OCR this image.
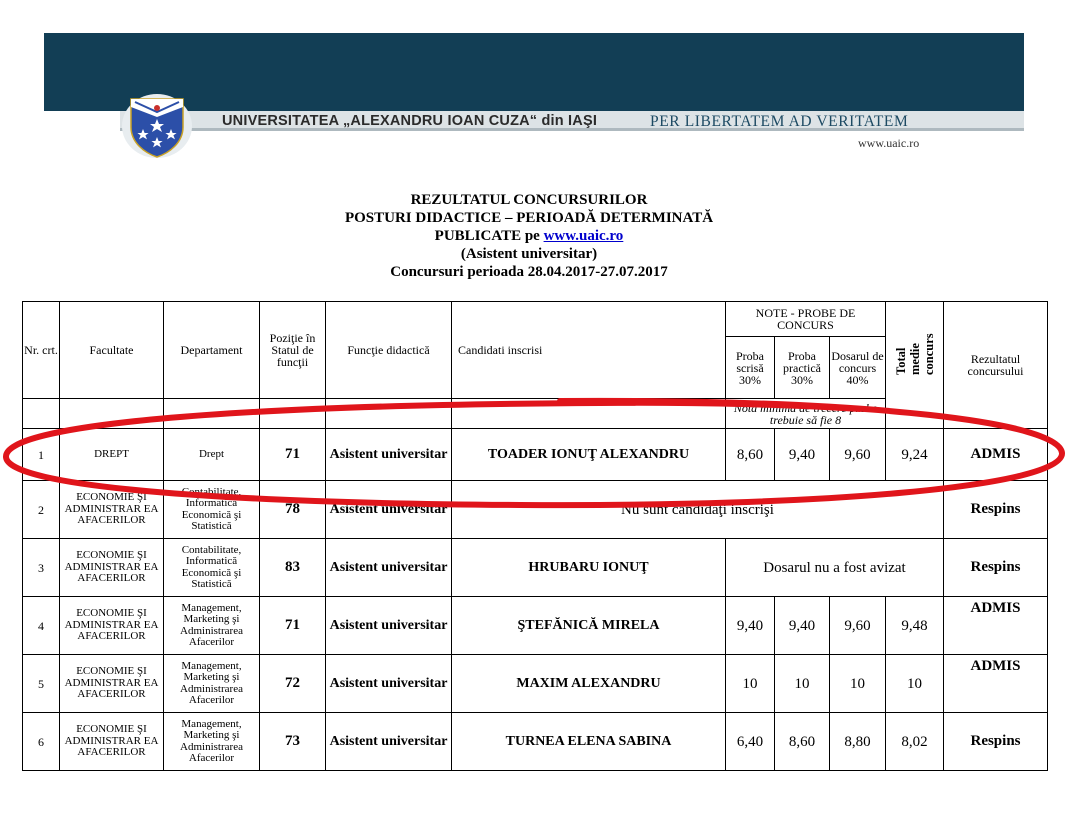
UNIVERSITATEA „ALEXANDRU IOAN CUZA“ din IAŞI	PER LIBERTATEM AD VERITATEM
www.uaic.ro
REZULTATUL CONCURSURILOR
POSTURI DIDACTICE – PERIOADĂ DETERMINATĂ
PUBLICATE pe www.uaic.ro
(Asistent universitar)
Concursuri perioada 28.04.2017-27.07.2017
Nr. crt.	Facultate	Departament	Poziţie în Statul de funcţii	Funcţie didactică	Candidati inscrisi	NOTE - PROBE DE CONCURS			Total medie concurs	Rezultatul concursului
						Proba scrisă 30%	Proba practică 30%	Dosarul de concurs 40%		
						Nota minimă de trecere probe trebuie să fie 8				
1	DREPT	Drept	71	Asistent universitar	TOADER IONUŢ ALEXANDRU	8,60	9,40	9,60	9,24	ADMIS
2	ECONOMIE ŞI ADMINISTRAR EA AFACERILOR	Contabilitate, Informatică Economică şi Statistică	78	Asistent universitar	Nu sunt candidaţi inscrişi					Respins
3	ECONOMIE ŞI ADMINISTRAR EA AFACERILOR	Contabilitate, Informatică Economică şi Statistică	83	Asistent universitar	HRUBARU IONUŢ	Dosarul nu a fost avizat				Respins
4	ECONOMIE ŞI ADMINISTRAR EA AFACERILOR	Management, Marketing şi Administrarea Afacerilor	71	Asistent universitar	ŞTEFĂNICĂ MIRELA	9,40	9,40	9,60	9,48	ADMIS
5	ECONOMIE ŞI ADMINISTRAR EA AFACERILOR	Management, Marketing şi Administrarea Afacerilor	72	Asistent universitar	MAXIM ALEXANDRU	10	10	10	10	ADMIS
6	ECONOMIE ŞI ADMINISTRAR EA AFACERILOR	Management, Marketing şi Administrarea Afacerilor	73	Asistent universitar	TURNEA ELENA SABINA	6,40	8,60	8,80	8,02	Respins
